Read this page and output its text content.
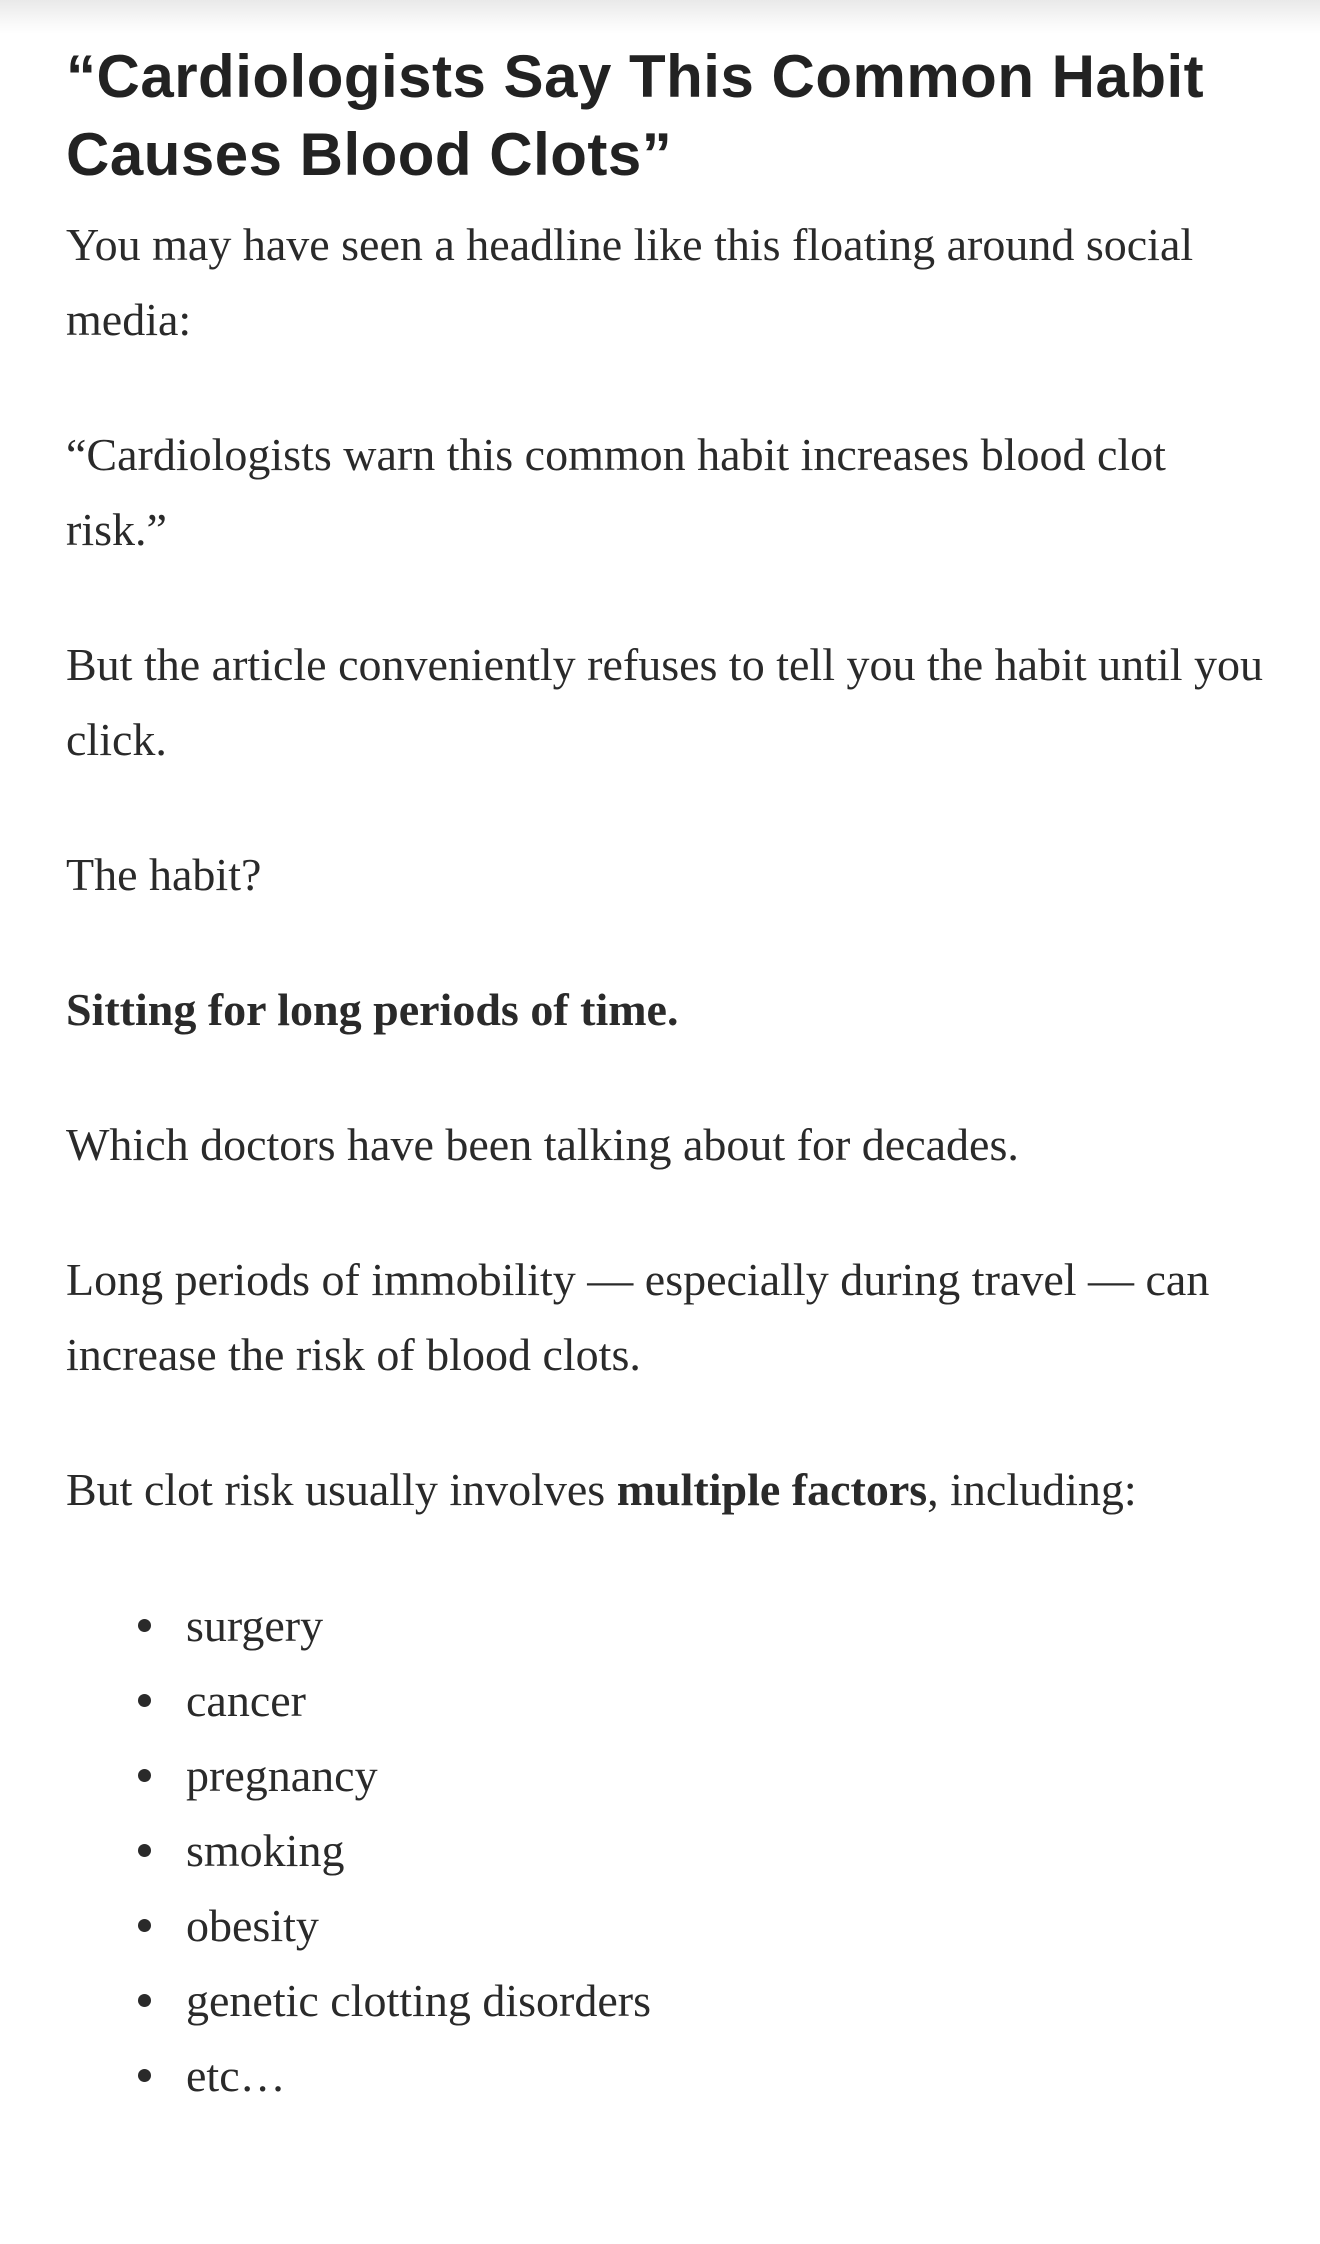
“Cardiologists Say This Common Habit Causes Blood Clots”

You may have seen a headline like this floating around social media:

“Cardiologists warn this common habit increases blood clot risk.”

But the article conveniently refuses to tell you the habit until you click.

The habit?

Sitting for long periods of time.

Which doctors have been talking about for decades.

Long periods of immobility — especially during travel — can increase the risk of blood clots.

But clot risk usually involves multiple factors, including:

surgery
cancer
pregnancy
smoking
obesity
genetic clotting disorders
etc…
